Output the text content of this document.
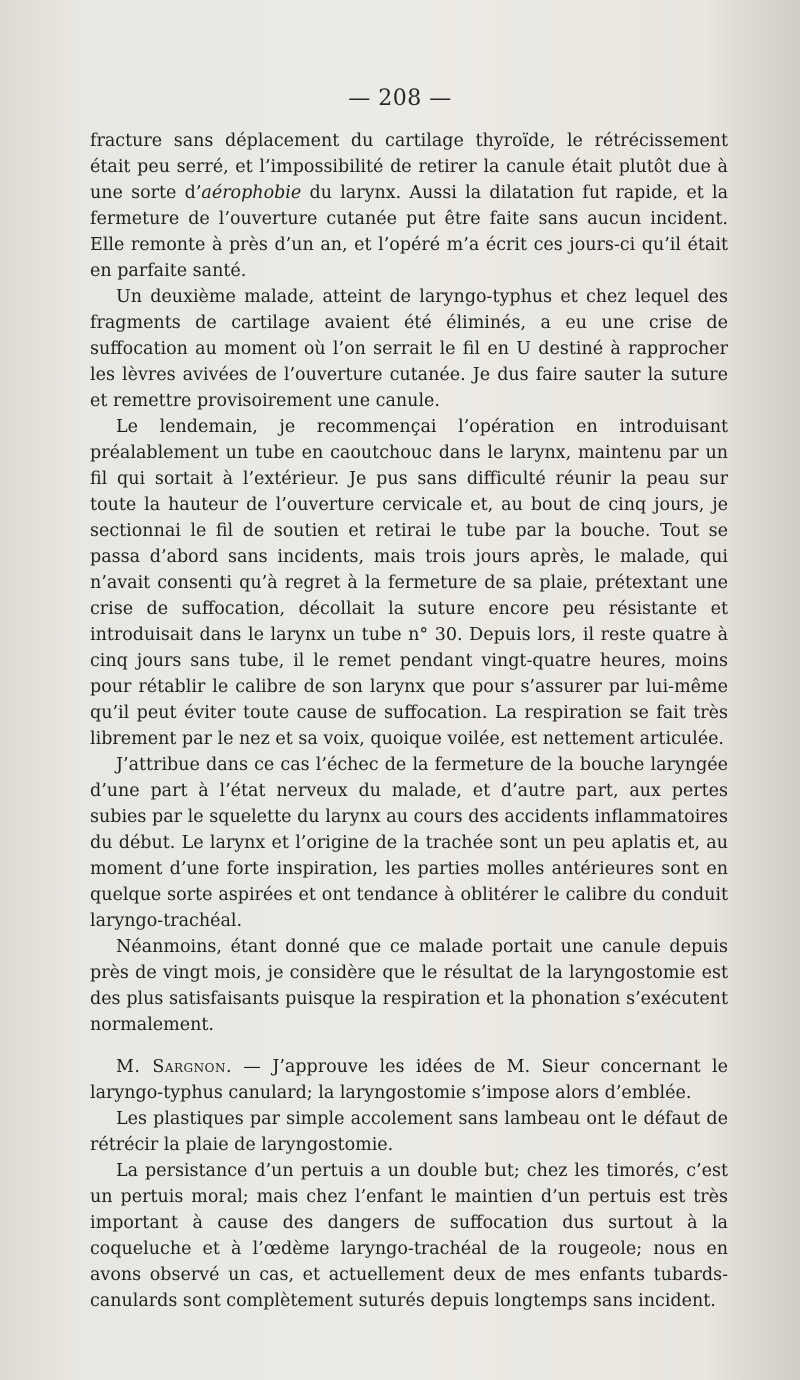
— 208 —

fracture sans déplacement du cartilage thyroïde, le rétrécissement était peu serré, et l’impossibilité de retirer la canule était plutôt due à une sorte d’aérophobie du larynx. Aussi la dilatation fut rapide, et la fermeture de l’ouverture cutanée put être faite sans aucun incident. Elle remonte à près d’un an, et l’opéré m’a écrit ces jours-ci qu’il était en parfaite santé.

Un deuxième malade, atteint de laryngo-typhus et chez lequel des fragments de cartilage avaient été éliminés, a eu une crise de suffocation au moment où l’on serrait le fil en U destiné à rapprocher les lèvres avivées de l’ouverture cutanée. Je dus faire sauter la suture et remettre provisoirement une canule.

Le lendemain, je recommençai l’opération en introduisant préalablement un tube en caoutchouc dans le larynx, maintenu par un fil qui sortait à l’extérieur. Je pus sans difficulté réunir la peau sur toute la hauteur de l’ouverture cervicale et, au bout de cinq jours, je sectionnai le fil de soutien et retirai le tube par la bouche. Tout se passa d’abord sans incidents, mais trois jours après, le malade, qui n’avait consenti qu’à regret à la fermeture de sa plaie, prétextant une crise de suffocation, décollait la suture encore peu résistante et introduisait dans le larynx un tube n° 30. Depuis lors, il reste quatre à cinq jours sans tube, il le remet pendant vingt-quatre heures, moins pour rétablir le calibre de son larynx que pour s’assurer par lui-même qu’il peut éviter toute cause de suffocation. La respiration se fait très librement par le nez et sa voix, quoique voilée, est nettement articulée.

J’attribue dans ce cas l’échec de la fermeture de la bouche laryngée d’une part à l’état nerveux du malade, et d’autre part, aux pertes subies par le squelette du larynx au cours des accidents inflammatoires du début. Le larynx et l’origine de la trachée sont un peu aplatis et, au moment d’une forte inspiration, les parties molles antérieures sont en quelque sorte aspirées et ont tendance à oblitérer le calibre du conduit laryngo-trachéal.

Néanmoins, étant donné que ce malade portait une canule depuis près de vingt mois, je considère que le résultat de la laryngostomie est des plus satisfaisants puisque la respiration et la phonation s’exécutent normalement.

M. Sargnon. — J’approuve les idées de M. Sieur concernant le laryngo-typhus canulard; la laryngostomie s’impose alors d’emblée.

Les plastiques par simple accolement sans lambeau ont le défaut de rétrécir la plaie de laryngostomie.

La persistance d’un pertuis a un double but; chez les timorés, c’est un pertuis moral; mais chez l’enfant le maintien d’un pertuis est très important à cause des dangers de suffocation dus surtout à la coqueluche et à l’œdème laryngo-trachéal de la rougeole; nous en avons observé un cas, et actuellement deux de mes enfants tubards-canulards sont complètement suturés depuis longtemps sans incident.
